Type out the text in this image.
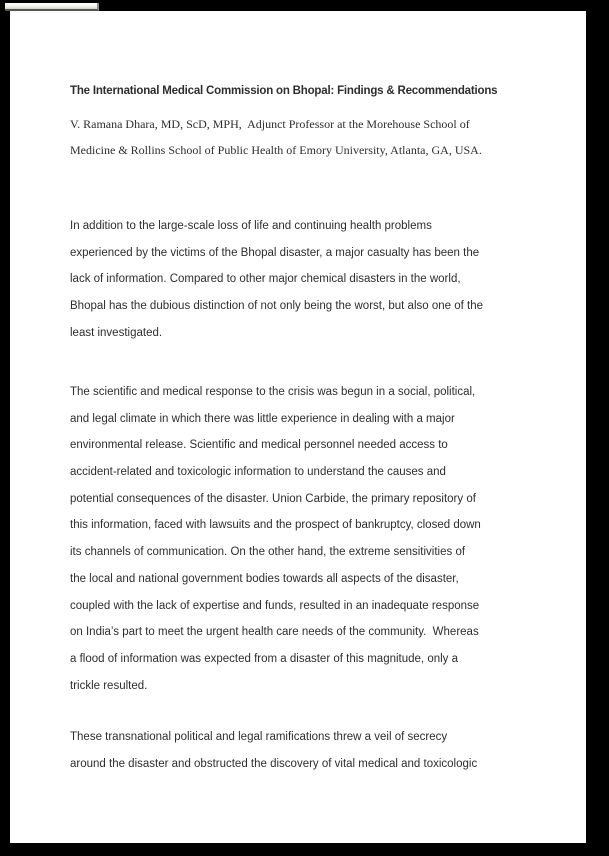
The International Medical Commission on Bhopal: Findings & Recommendations
V. Ramana Dhara, MD, ScD, MPH,  Adjunct Professor at the Morehouse School of
Medicine & Rollins School of Public Health of Emory University, Atlanta, GA, USA.
In addition to the large-scale loss of life and continuing health problems
experienced by the victims of the Bhopal disaster, a major casualty has been the
lack of information. Compared to other major chemical disasters in the world,
Bhopal has the dubious distinction of not only being the worst, but also one of the
least investigated.
The scientific and medical response to the crisis was begun in a social, political,
and legal climate in which there was little experience in dealing with a major
environmental release. Scientific and medical personnel needed access to
accident-related and toxicologic information to understand the causes and
potential consequences of the disaster. Union Carbide, the primary repository of
this information, faced with lawsuits and the prospect of bankruptcy, closed down
its channels of communication. On the other hand, the extreme sensitivities of
the local and national government bodies towards all aspects of the disaster,
coupled with the lack of expertise and funds, resulted in an inadequate response
on India’s part to meet the urgent health care needs of the community.  Whereas
a flood of information was expected from a disaster of this magnitude, only a
trickle resulted.
These transnational political and legal ramifications threw a veil of secrecy
around the disaster and obstructed the discovery of vital medical and toxicologic
